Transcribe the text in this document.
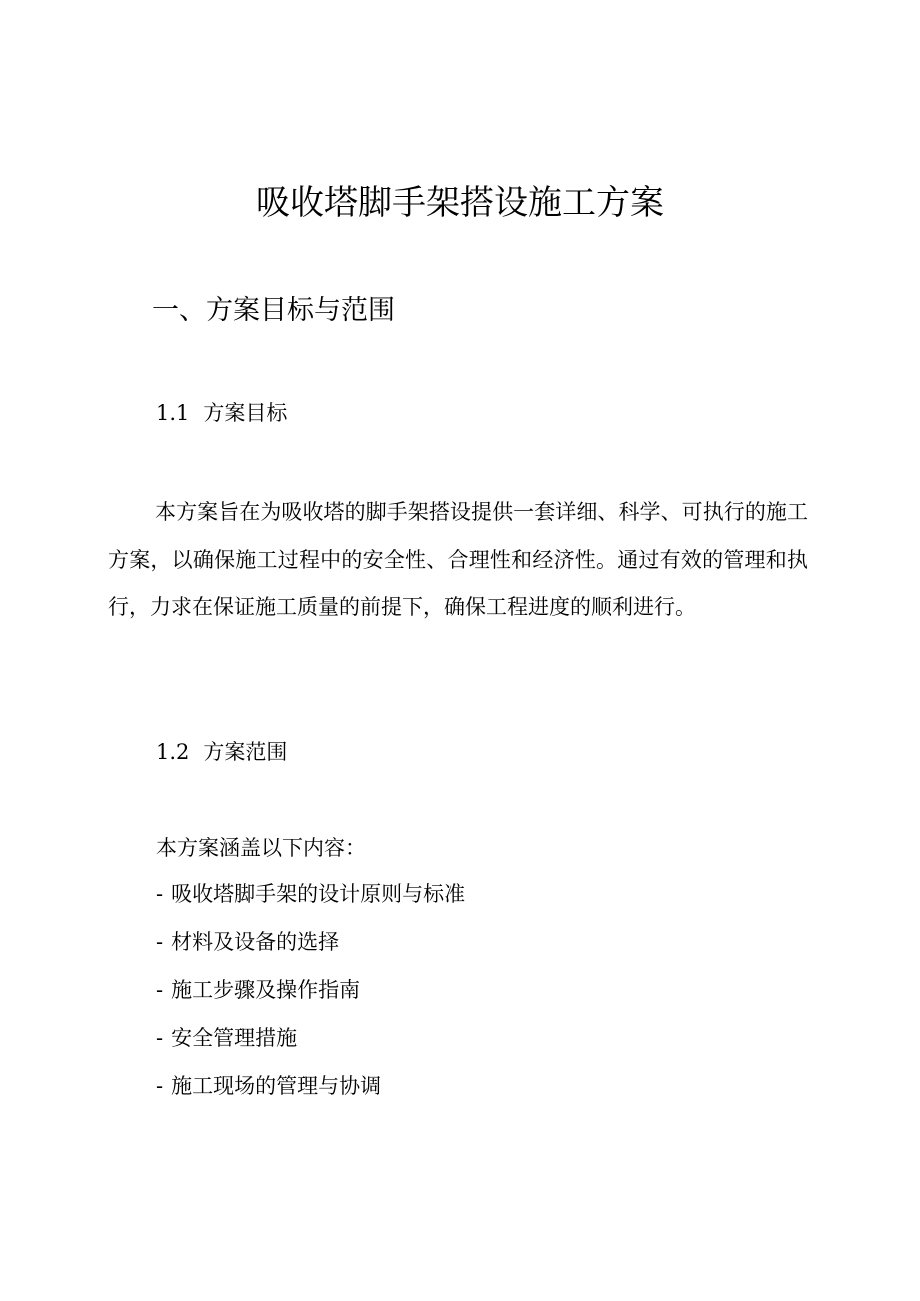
吸收塔脚手架搭设施工方案
一、方案目标与范围
1.1 方案目标

本方案旨在为吸收塔的脚手架搭设提供一套详细、科学、可执行的施工方案，以确保施工过程中的安全性、合理性和经济性。通过有效的管理和执行，力求在保证施工质量的前提下，确保工程进度的顺利进行。

1.2 方案范围

本方案涵盖以下内容：

- 吸收塔脚手架的设计原则与标准
- 材料及设备的选择
- 施工步骤及操作指南
- 安全管理措施
- 施工现场的管理与协调
